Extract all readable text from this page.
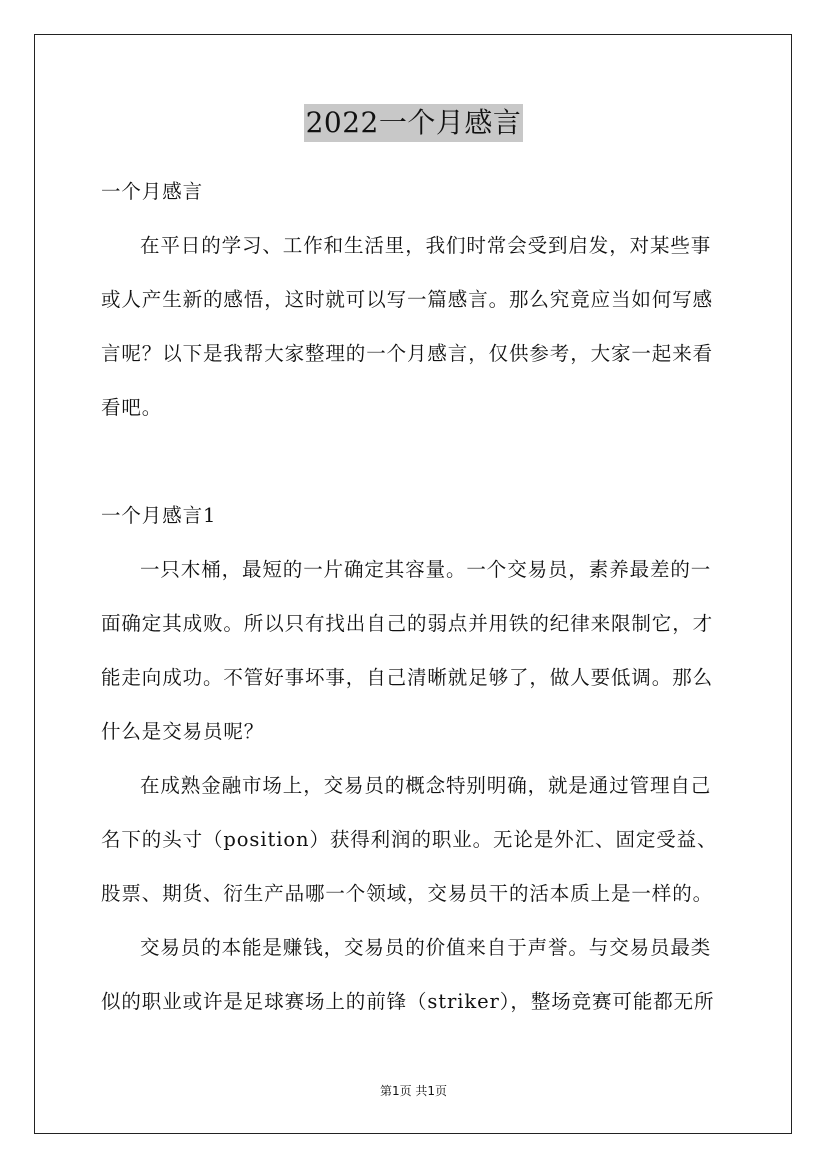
2022一个月感言

一个月感言

在平日的学习、工作和生活里，我们时常会受到启发，对某些事或人产生新的感悟，这时就可以写一篇感言。那么究竟应当如何写感言呢？以下是我帮大家整理的一个月感言，仅供参考，大家一起来看看吧。

一个月感言1

一只木桶，最短的一片确定其容量。一个交易员，素养最差的一面确定其成败。所以只有找出自己的弱点并用铁的纪律来限制它，才能走向成功。不管好事坏事，自己清晰就足够了，做人要低调。那么什么是交易员呢？

在成熟金融市场上，交易员的概念特别明确，就是通过管理自己名下的头寸（position）获得利润的职业。无论是外汇、固定受益、股票、期货、衍生产品哪一个领域，交易员干的活本质上是一样的。

交易员的本能是赚钱，交易员的价值来自于声誉。与交易员最类似的职业或许是足球赛场上的前锋（striker），整场竞赛可能都无所

第1页 共1页
